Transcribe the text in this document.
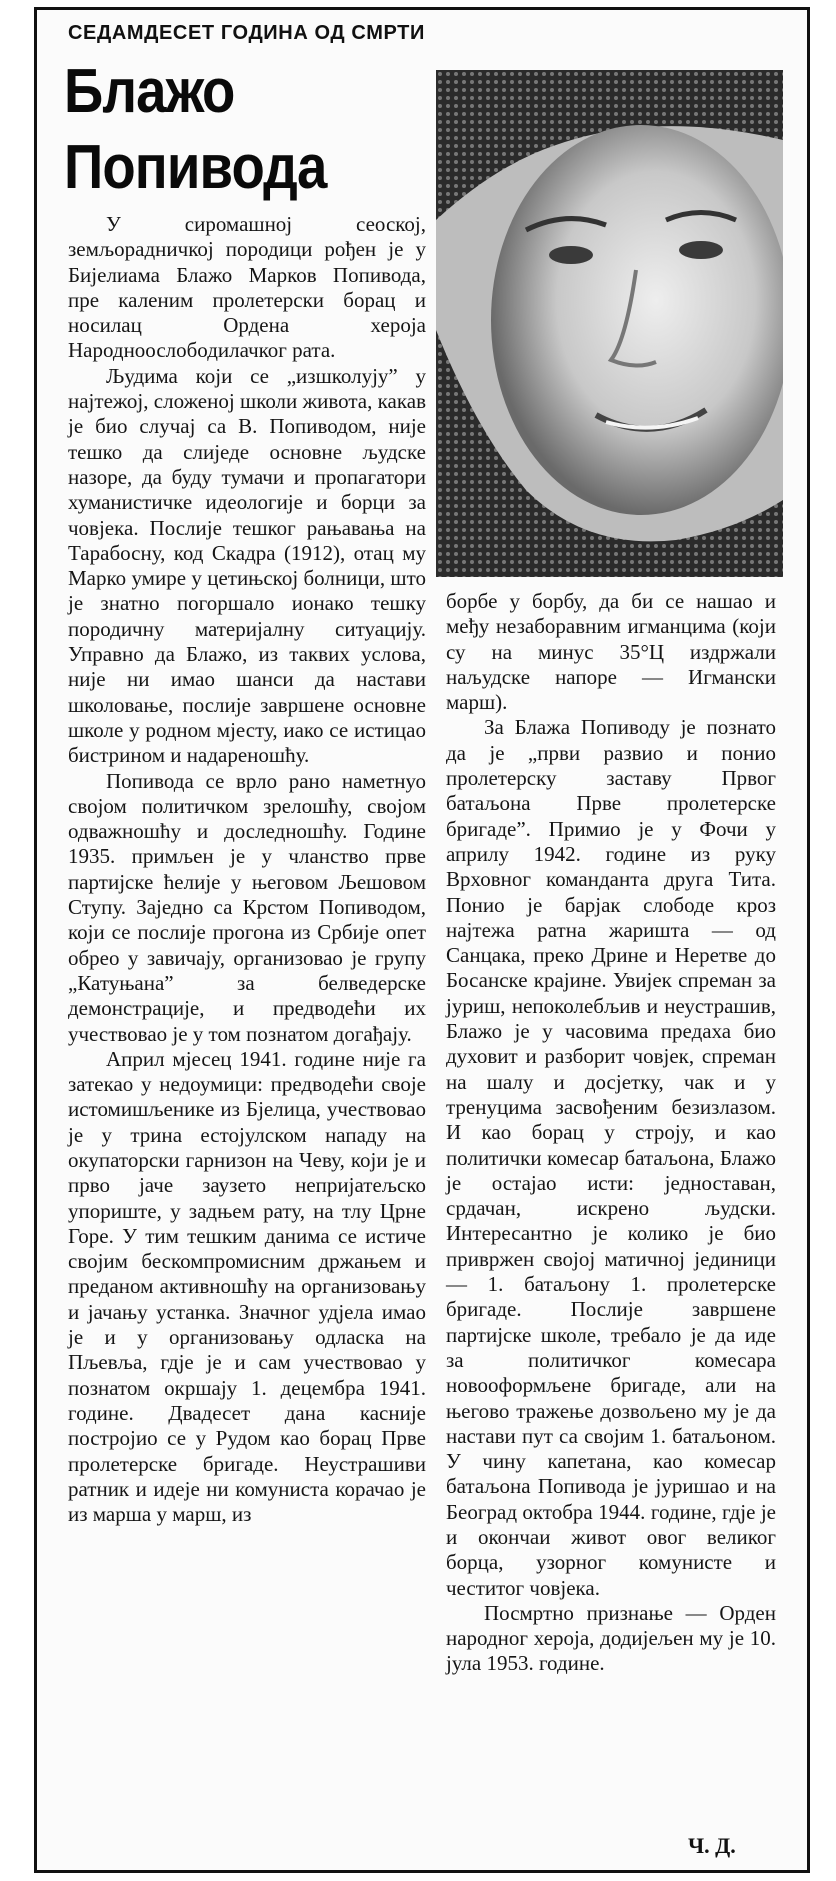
СЕДАМДЕСЕТ ГОДИНА ОД СМРТИ
Блажо
Попивода

У сиромашној сеоској, земљорадничкој породици рођен је у Бијелиама Блажо Марков Попивода, пре каленим пролетерски борац и носилац Ордена хероја Народноослободилачког рата.

Људима који се „изшколују” у најтежој, сложеној школи живота, какав је био случај са В. Попиводом, није тешко да слиједе основне људске назоре, да буду тумачи и пропагатори хуманистичке идеологије и борци за човјека. Послије тешког рањавања на Тарабосну, код Скадра (1912), отац му Марко умире у цетињској болници, што је знатно погоршало ионако тешку породичну материјалну ситуацију. Управно да Блажо, из таквих услова, није ни имао шанси да настави школовање, послије завршене основне школе у родном мјесту, иако се истицао бистрином и надареношћу.

Попивода се врло рано наметнуо својом политичком зрелошћу, својом одважношћу и доследношћу. Године 1935. примљен је у чланство прве партијске ћелије у његовом Љешовом Ступу. Заједно са Крстом Попиводом, који се послије прогона из Србије опет обрео у завичају, организовао је групу „Катуњана” за белведерске демонстрације, и предводећи их учествовао је у том познатом догађају.

Април мјесец 1941. године није га затекао у недоумици: предводећи своје истомишљенике из Бјелица, учествовао је у трина естојулском нападу на окупаторски гарнизон на Чеву, који је и прво јаче заузето непријатељско упориште, у задњем рату, на тлу Црне Горе. У тим тешким данима се истиче својим бескомпромисним држањем и преданом активношћу на организовању и јачању устанка. Значног удјела имао је и у организовању одласка на Пљевља, гдје је и сам учествовао у познатом окршају 1. децембра 1941. године. Двадесет дана касније постројио се у Рудом као борац Прве пролетерске бригаде. Неустрашиви ратник и идеје ни комуниста корачао је из марша у марш, из

борбе у борбу, да би се нашао и међу незаборавним игманцима (који су на минус 35°Ц издржали нaљудске напоре — Игмански марш).

За Блажа Попиводу је познато да је „први развио и понио пролетерску заставу Првог батаљона Прве пролетерске бригаде”. Примио је у Фочи у априлу 1942. године из руку Врховног команданта друга Тита. Понио је барјак слободе кроз најтежа ратна жаришта — од Санцака, преко Дрине и Неретве до Босанске крајине. Увијек спреман за јуриш, непоколебљив и неустрашив, Блажо је у часовима предаха био духовит и разборит човјек, спреман на шалу и досјетку, чак и у тренуцима засвођеним безизлазом. И као борац у строју, и као политички комесар батаљона, Блажо је остајао исти: једноставан, срдачан, искрено људски. Интересантно је колико је био привржен својој матичној јединици — 1. батаљону 1. пролетерске бригаде. Послије завршене партијске школе, требало је да иде за политичког комесара новооформљене бригаде, али на његово тражење дозвољено му је да настави пут са својим 1. батаљоном. У чину капетана, као комесар батаљона Попивода је јуришао и на Београд октобра 1944. године, гдје је и окончаи живот овог великог борца, узорног комунисте и честитог човјека.

Посмртно признање — Орден народног хероја, додијељен му је 10. јула 1953. године.

Ч. Д.
